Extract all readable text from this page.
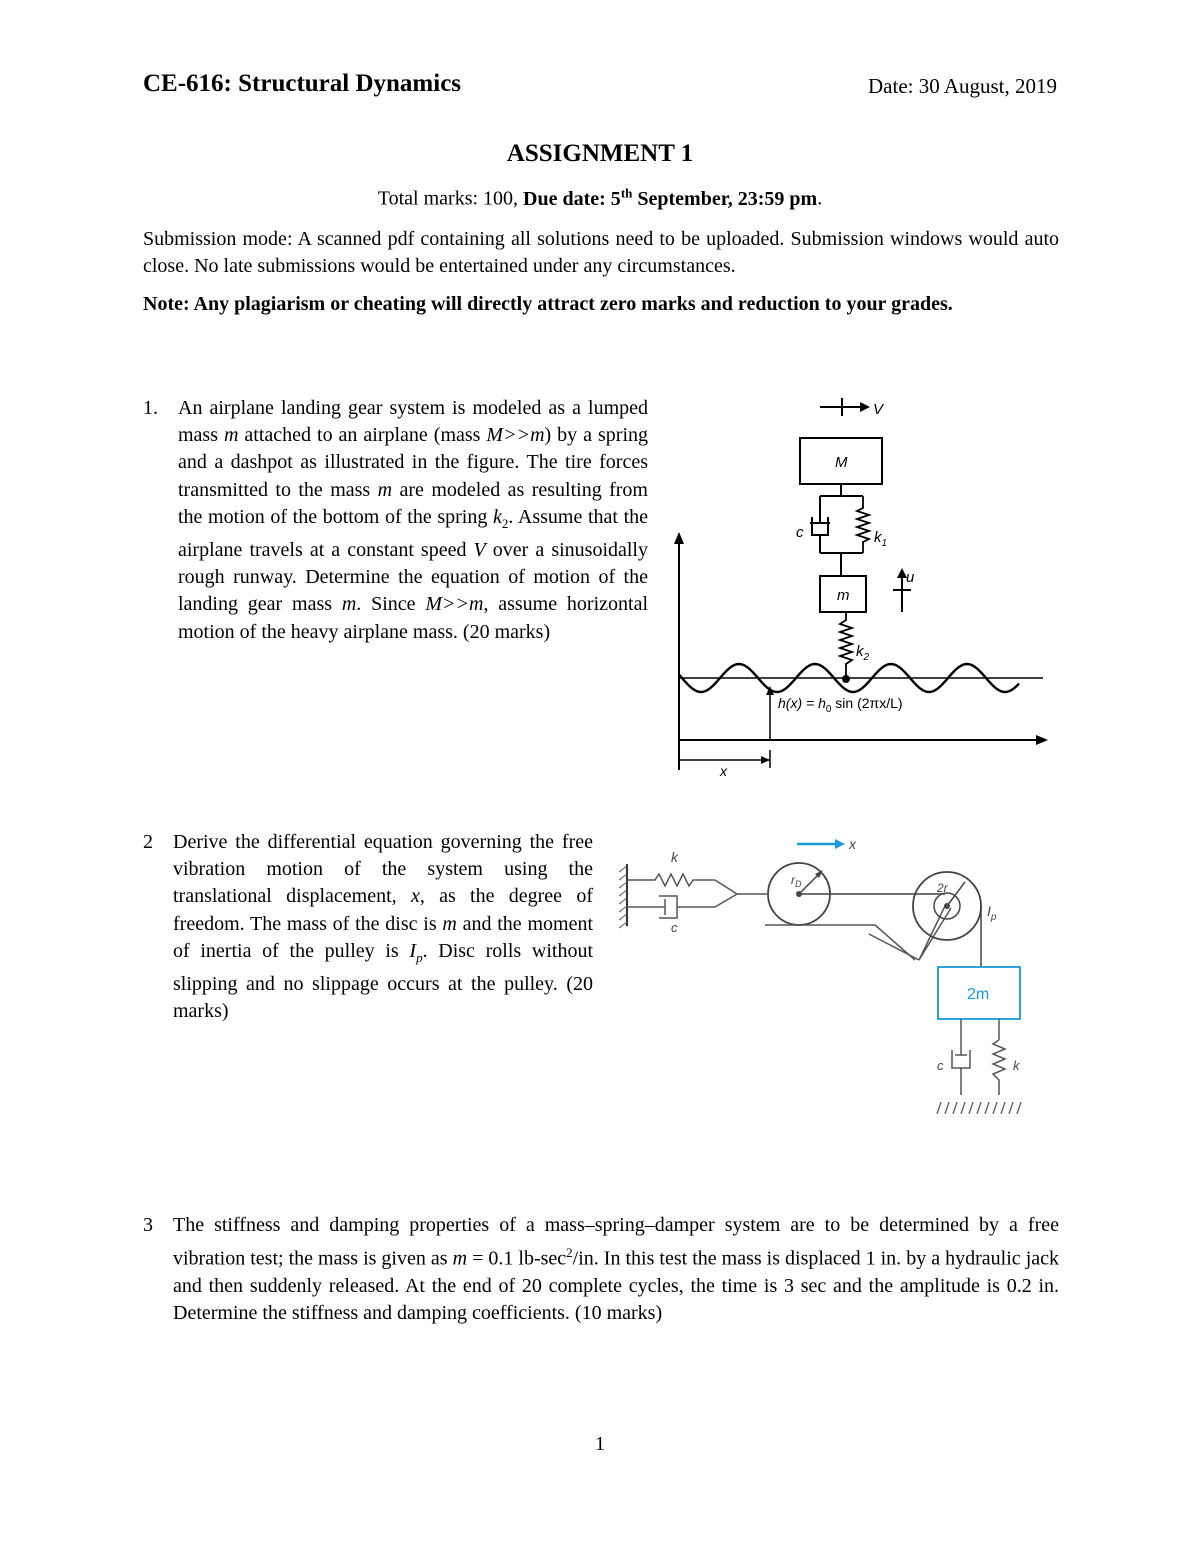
CE-616: Structural Dynamics	Date: 30 August, 2019
ASSIGNMENT 1
Total marks: 100, Due date: 5th September, 23:59 pm.
Submission mode: A scanned pdf containing all solutions need to be uploaded. Submission windows would auto close. No late submissions would be entertained under any circumstances.
Note: Any plagiarism or cheating will directly attract zero marks and reduction to your grades.
1. An airplane landing gear system is modeled as a lumped mass m attached to an airplane (mass M>>m) by a spring and a dashpot as illustrated in the figure. The tire forces transmitted to the mass m are modeled as resulting from the motion of the bottom of the spring $k_2$. Assume that the airplane travels at a constant speed V over a sinusoidally rough runway. Determine the equation of motion of the landing gear mass m. Since M>>m, assume horizontal motion of the heavy airplane mass. (20 marks)
V
M
c	$k_1$
m
u
$k_2$
$h(x) = h_0$ sin (2πx/L)
x
2 Derive the differential equation governing the free vibration motion of the system using the translational displacement, x, as the degree of freedom. The mass of the disc is m and the moment of inertia of the pulley is $I_p$. Disc rolls without slipping and no slippage occurs at the pulley. (20 marks)
x
k
c
$r_D$	2r
$I_p$
2m
c	k
3 The stiffness and damping properties of a mass–spring–damper system are to be determined by a free vibration test; the mass is given as m = 0.1 $lb-\sec^2/in$. In this test the mass is displaced 1 in. by a hydraulic jack and then suddenly released. At the end of 20 complete cycles, the time is 3 sec and the amplitude is 0.2 in. Determine the stiffness and damping coefficients. (10 marks)
1
